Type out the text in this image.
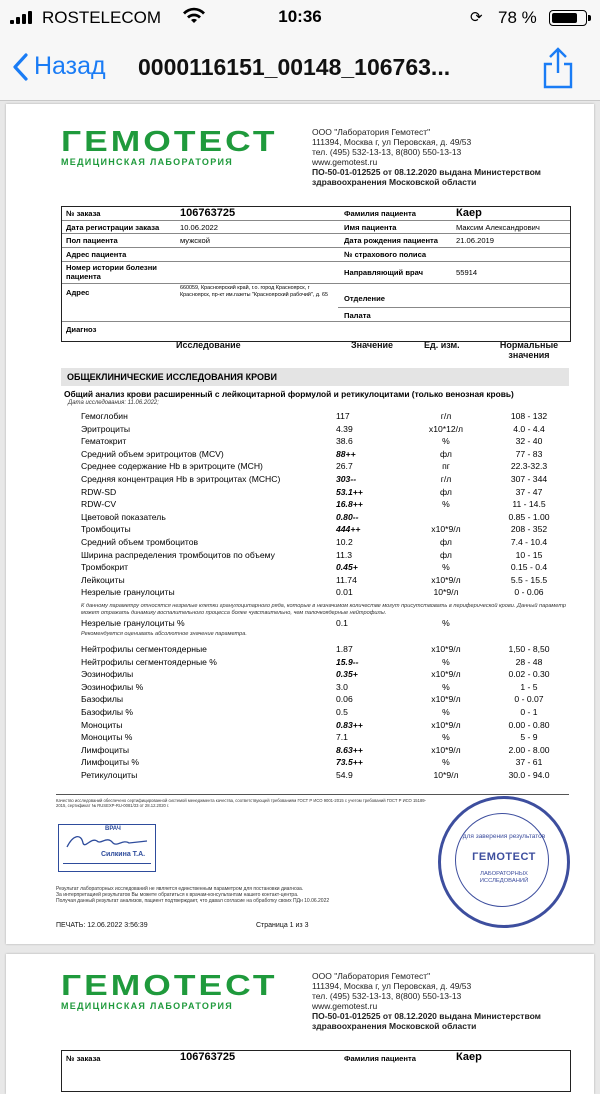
ROSTELECOM	10:36	⟳ 78 %
Назад 0000116151_00148_106763...
ГЕМОТЕСТ
МЕДИЦИНСКАЯ ЛАБОРАТОРИЯ
ООО "Лаборатория Гемотест"
111394, Москва г, ул Перовская, д. 49/53
тел. (495) 532-13-13, 8(800) 550-13-13
www.gemotest.ru
ПО-50-01-012525 от 08.12.2020 выдана Министерством
здравоохранения Московской области
№ заказа	106763725	Фамилия пациента	Каер
Дата регистрации заказа	10.06.2022	Имя пациента	Максим Александрович
Пол пациента	мужской	Дата рождения пациента 21.06.2019
Адрес пациента	№ страхового полиса
Номер истории болезни пациента	Направляющий врач	55914
Адрес	660059, Красноярский край, г.о. город Красноярск, г Красноярск, пр-кт им.газеты "Красноярский рабочий", д. 65	Отделение
Палата
Диагноз
Исследование	Значение	Ед. изм.	Нормальные значения
ОБЩЕКЛИНИЧЕСКИЕ ИССЛЕДОВАНИЯ КРОВИ
Общий анализ крови расширенный с лейкоцитарной формулой и ретикулоцитами (только венозная кровь)
Дата исследования: 11.06.2022;
Гемоглобин	117	г/л	108 - 132
Эритроциты	4.39	х10*12/л	4.0 - 4.4
Гематокрит	38.6	%	32 - 40
Средний объем эритроцитов (MCV)	88++	фл	77 - 83
Среднее содержание Hb в эритроците (MCH)	26.7	пг	22.3-32.3
Средняя концентрация Hb в эритроцитах (MCHC)	303--	г/л	307 - 344
RDW-SD	53.1++	фл	37 - 47
RDW-CV	16.8++	%	11 - 14.5
Цветовой показатель	0.80--	0.85 - 1.00
Тромбоциты	444++	х10*9/л	208 - 352
Средний объем тромбоцитов	10.2	фл	7.4 - 10.4
Ширина распределения тромбоцитов по объему	11.3	фл	10 - 15
Тромбокрит	0.45+	%	0.15 - 0.4
Лейкоциты	11.74	х10*9/л	5.5 - 15.5
Незрелые гранулоциты	0.01	10*9/л	0 - 0.06
К данному параметру относятся незрелые клетки гранулоцитарного ряда, которые в незначимом количестве могут присутствовать в периферической крови. Данный параметр может отражать динамику воспалительного процесса более чувствительно, чем палочкоядерные нейтрофилы.
Незрелые гранулоциты %	0.1	%
Рекомендуется оценивать абсолютное значение параметра.
Нейтрофилы сегментоядерные	1.87	х10*9/л	1,50 - 8,50
Нейтрофилы сегментоядерные %	15.9--	%	28 - 48
Эозинофилы	0.35+	х10*9/л	0.02 - 0.30
Эозинофилы %	3.0	%	1 - 5
Базофилы	0.06	х10*9/л	0 - 0.07
Базофилы %	0.5	%	0 - 1
Моноциты	0.83++	х10*9/л	0.00 - 0.80
Моноциты %	7.1	%	5 - 9
Лимфоциты	8.63++	х10*9/л	2.00 - 8.00
Лимфоциты %	73.5++	%	37 - 61
Ретикулоциты	54.9	10*9/л	30.0 - 94.0
Качество исследований обеспечено сертифицированной системой менеджмента качества, соответствующей требованиям ГОСТ Р ИСО 9001-2015 с учетом требований ГОСТ Р ИСО 15189-2015, сертификат № RUSEXP-RU-0081/33 от 28.12.2020 г.
ВРАЧ
Силкина Т.А.
для заверения результатов
ГЕМОТЕСТ
ЛАБОРАТОРНЫХ ИССЛЕДОВАНИЙ
Результат лабораторных исследований не является единственным параметром для постановки диагноза.
За интерпретацией результатов Вы можете обратиться к врачам-консультантам нашего контакт-центра.
Получая данный результат анализов, пациент подтверждает, что давал согласие на обработку своих ПДн 10.06.2022
ПЕЧАТЬ: 12.06.2022 3:56:39	Страница 1 из 3
ГЕМОТЕСТ
МЕДИЦИНСКАЯ ЛАБОРАТОРИЯ
ООО "Лаборатория Гемотест"
111394, Москва г, ул Перовская, д. 49/53
тел. (495) 532-13-13, 8(800) 550-13-13
www.gemotest.ru
ПО-50-01-012525 от 08.12.2020 выдана Министерством
здравоохранения Московской области
№ заказа	106763725	Фамилия пациента	Каер
